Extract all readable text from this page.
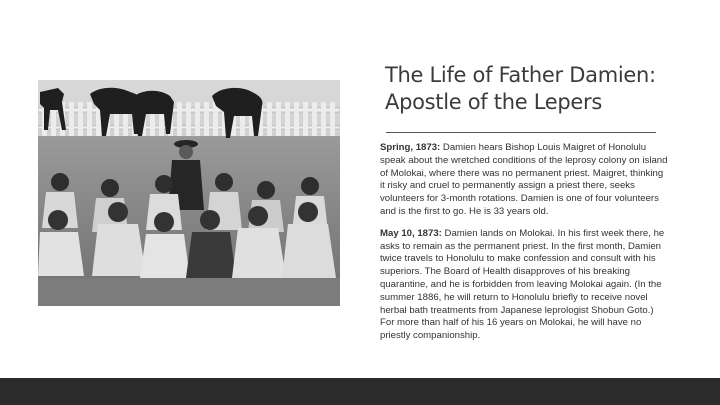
The Life of Father Damien:
Apostle of the Lepers

Spring, 1873: Damien hears Bishop Louis Maigret of Honolulu speak about the wretched conditions of the leprosy colony on island of Molokai, where there was no permanent priest. Maigret, thinking it risky and cruel to permanently assign a priest there, seeks volunteers for 3-month rotations. Damien is one of four volunteers and is the first to go. He is 33 years old.

May 10, 1873: Damien lands on Molokai. In his first week there, he asks to remain as the permanent priest. In the first month, Damien twice travels to Honolulu to make confession and consult with his superiors. The Board of Health disapproves of his breaking quarantine, and he is forbidden from leaving Molokai again. (In the summer 1886, he will return to Honolulu briefly to receive novel herbal bath treatments from Japanese leprologist Shobun Goto.) For more than half of his 16 years on Molokai, he will have no priestly companionship.
